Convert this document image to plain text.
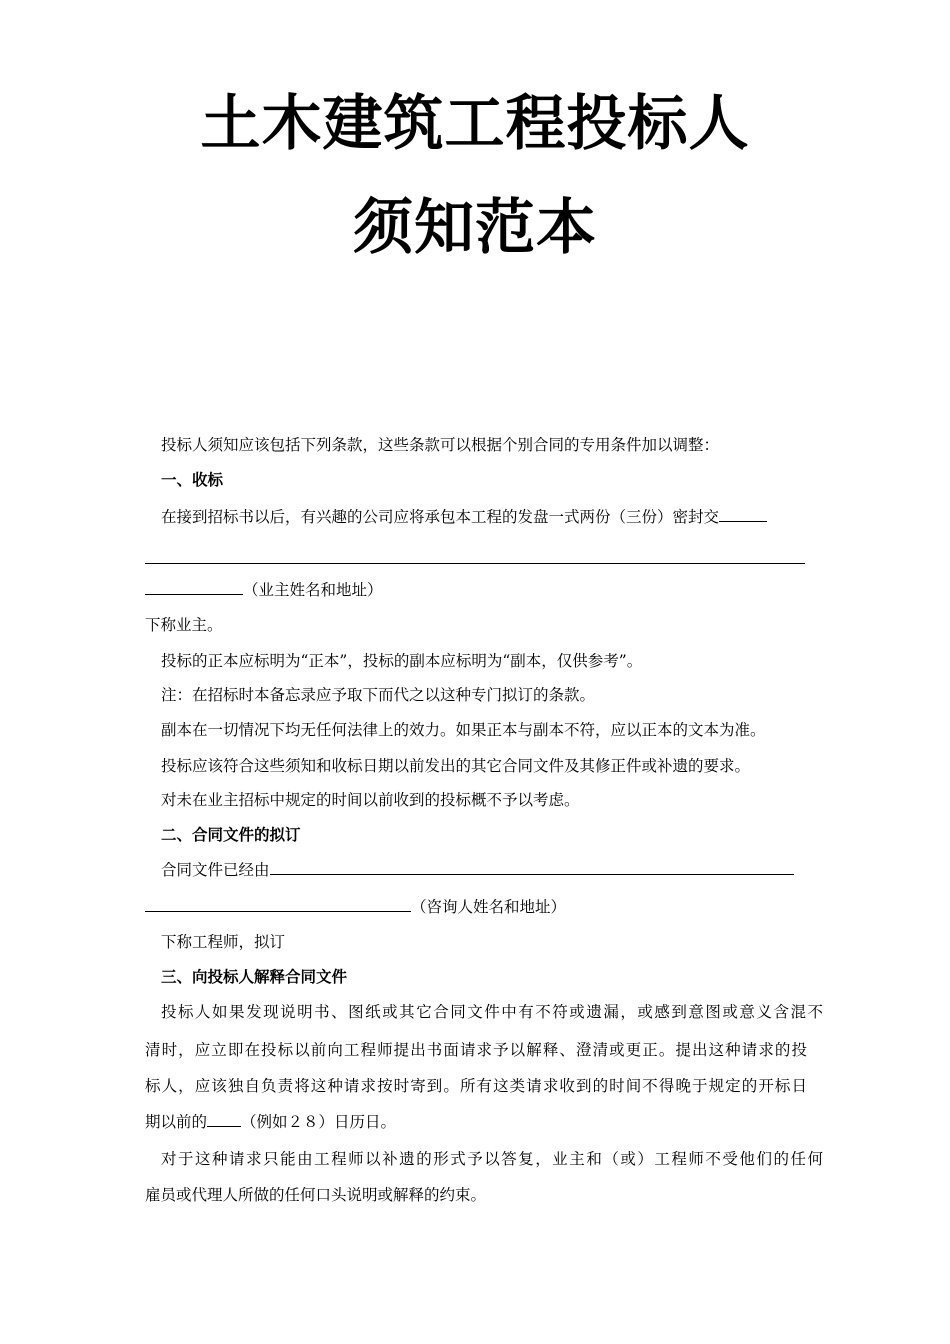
土木建筑工程投标人
须知范本
投标人须知应该包括下列条款，这些条款可以根据个别合同的专用条件加以调整：
一、收标
在接到招标书以后，有兴趣的公司应将承包本工程的发盘一式两份（三份）密封交
（业主姓名和地址）
下称业主。
投标的正本应标明为“正本”，投标的副本应标明为“副本，仅供参考”。
注：在招标时本备忘录应予取下而代之以这种专门拟订的条款。
副本在一切情况下均无任何法律上的效力。如果正本与副本不符，应以正本的文本为准。
投标应该符合这些须知和收标日期以前发出的其它合同文件及其修正件或补遗的要求。
对未在业主招标中规定的时间以前收到的投标概不予以考虑。
二、合同文件的拟订
合同文件已经由
（咨询人姓名和地址）
下称工程师，拟订
三、向投标人解释合同文件
投标人如果发现说明书、图纸或其它合同文件中有不符或遗漏，或感到意图或意义含混不
清时，应立即在投标以前向工程师提出书面请求予以解释、澄清或更正。提出这种请求的投
标人，应该独自负责将这种请求按时寄到。所有这类请求收到的时间不得晚于规定的开标日
期以前的 （例如２８）日历日。
对于这种请求只能由工程师以补遗的形式予以答复，业主和（或）工程师不受他们的任何
雇员或代理人所做的任何口头说明或解释的约束。
